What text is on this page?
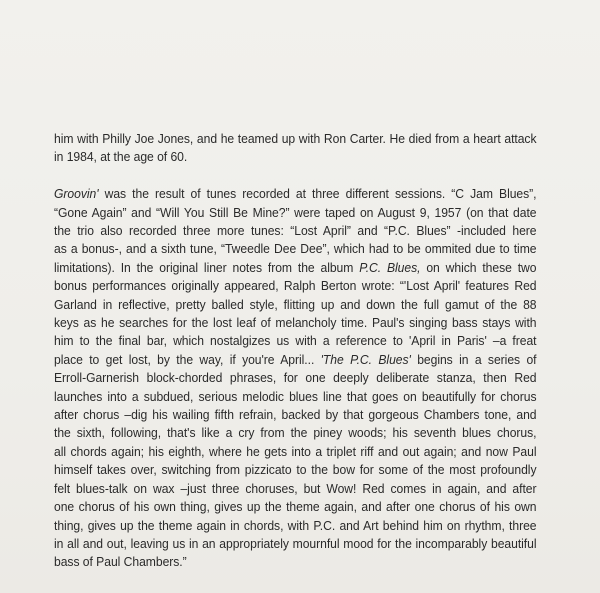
him with Philly Joe Jones, and he teamed up with Ron Carter. He died from a heart attack
in 1984, at the age of 60.

Groovin' was the result of tunes recorded at three different sessions. “C Jam Blues”,
“Gone Again” and “Will You Still Be Mine?” were taped on August 9, 1957 (on that date
the trio also recorded three more tunes: “Lost April” and “P.C. Blues” -included here
as a bonus-, and a sixth tune, “Tweedle Dee Dee”, which had to be ommited due to time
limitations). In the original liner notes from the album P.C. Blues, on which these two
bonus performances originally appeared, Ralph Berton wrote: “'Lost April' features Red
Garland in reflective, pretty balled style, flitting up and down the full gamut of the 88
keys as he searches for the lost leaf of melancholy time. Paul's singing bass stays with
him to the final bar, which nostalgizes us with a reference to 'April in Paris' –a freat
place to get lost, by the way, if you're April... 'The P.C. Blues' begins in a series of
Erroll-Garnerish block-chorded phrases, for one deeply deliberate stanza, then Red
launches into a subdued, serious melodic blues line that goes on beautifully for chorus
after chorus –dig his wailing fifth refrain, backed by that gorgeous Chambers tone, and
the sixth, following, that's like a cry from the piney woods; his seventh blues chorus,
all chords again; his eighth, where he gets into a triplet riff and out again; and now Paul
himself takes over, switching from pizzicato to the bow for some of the most profoundly
felt blues-talk on wax –just three choruses, but Wow! Red comes in again, and after
one chorus of his own thing, gives up the theme again, and after one chorus of his own
thing, gives up the theme again in chords, with P.C. and Art behind him on rhythm, three
in all and out, leaving us in an appropriately mournful mood for the incomparably beautiful
bass of Paul Chambers.”
